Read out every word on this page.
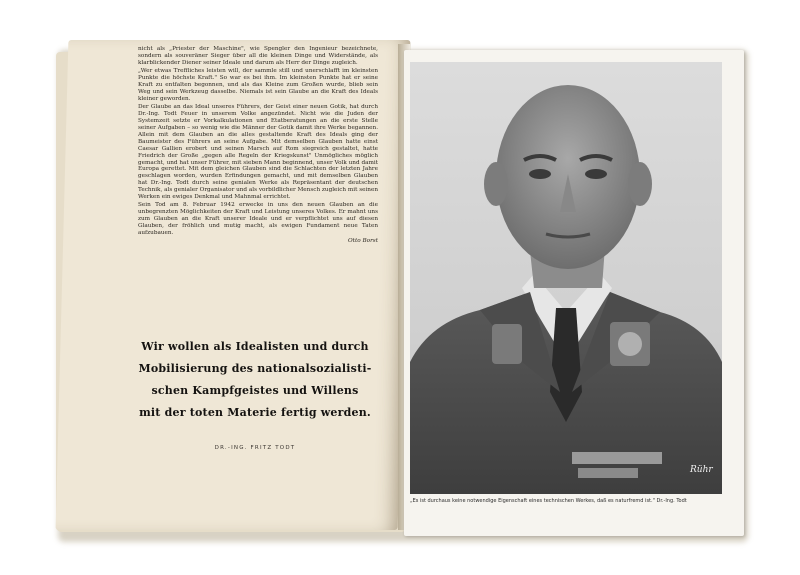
nicht als „Priester der Maschine", wie Spengler den Ingenieur bezeichnete, sondern als souveräner Sieger über all die kleinen Dinge und Widerstände, als klarblickender Diener seiner Ideale und darum als Herr der Dinge zugleich.

„Wer etwas Treffliches leisten will, der sammle still und unerschlafft im kleinsten Punkte die höchste Kraft." So war es bei ihm. Im kleinsten Punkte hat er seine Kraft zu entfalten begonnen, und als das Kleine zum Großen wurde, blieb sein Weg und sein Werkzeug dasselbe. Niemals ist sein Glaube an die Kraft des Ideals kleiner geworden.

Der Glaube an das Ideal unseres Führers, der Geist einer neuen Gotik, hat durch Dr.-Ing. Todt Feuer in unserem Volke angezündet. Nicht wie die Juden der Systemzeit setzte er Vorkalkulationen und Etatberatungen an die erste Stelle seiner Aufgaben – so wenig wie die Männer der Gotik damit ihre Werke begannen. Allein mit dem Glauben an die alles gestaltende Kraft des Ideals ging der Baumeister des Führers an seine Aufgabe. Mit demselben Glauben hatte einst Caesar Gallien erobert und seinen Marsch auf Rom siegreich gestaltet, hatte Friedrich der Große „gegen alle Regeln der Kriegskunst" Unmögliches möglich gemacht, und hat unser Führer, mit sieben Mann beginnend, unser Volk und damit Europa gerettet. Mit dem gleichen Glauben sind die Schlachten der letzten Jahre geschlagen worden, wurden Erfindungen gemacht, und mit demselben Glauben hat Dr.-Ing. Todt durch seine genialen Werke als Repräsentant der deutschen Technik, als genialer Organisator und als vorbildlicher Mensch zugleich mit seinen Werken ein ewiges Denkmal und Mahnmal errichtet.

Sein Tod am 8. Februar 1942 erwecke in uns den neuen Glauben an die unbegrenzten Möglichkeiten der Kraft und Leistung unseres Volkes. Er mahnt uns zum Glauben an die Kraft unserer Ideale und er verpflichtet uns auf diesen Glauben, der fröhlich und mutig macht, als ewigen Fundament neue Taten aufzubauen.

Otto Borst
Wir wollen als Idealisten und durch
Mobilisierung des nationalsozialisti-
schen Kampfgeistes und Willens
mit der toten Materie fertig werden.
DR.-ING. FRITZ TODT
Rühr
„Es ist durchaus keine notwendige Eigenschaft eines technischen Werkes, daß es naturfremd ist." Dr.-Ing. Todt
